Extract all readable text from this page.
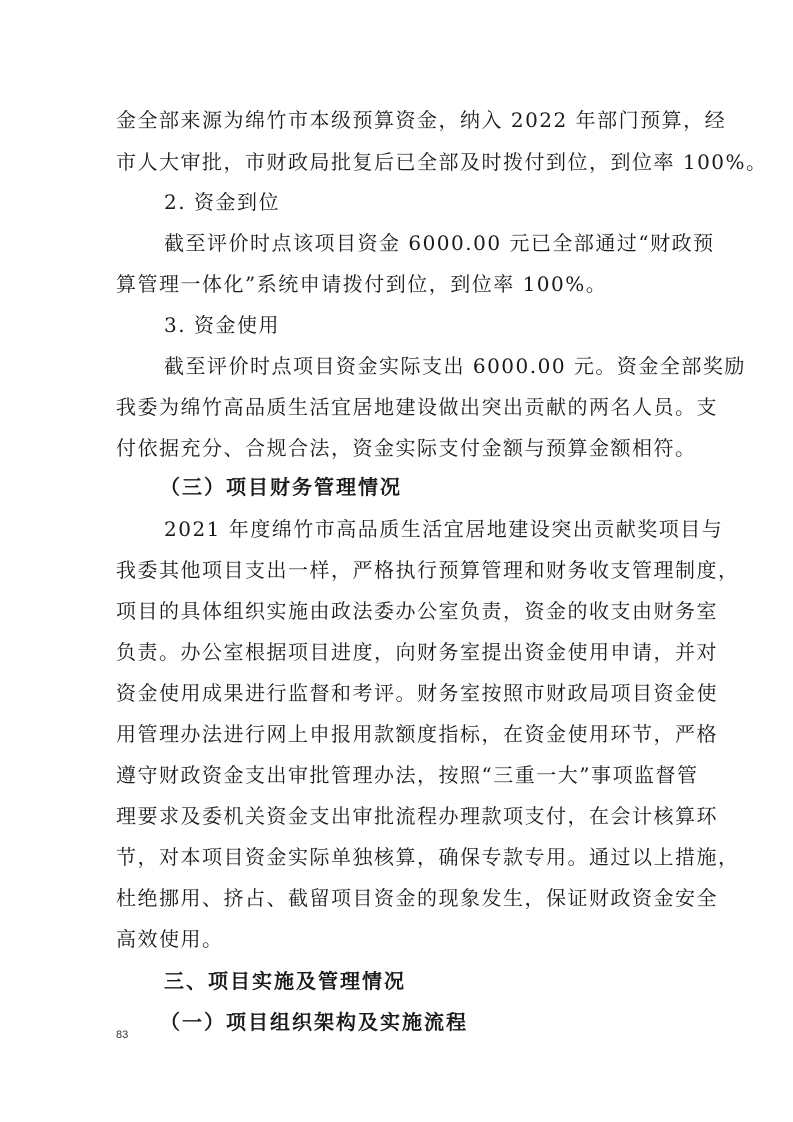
金全部来源为绵竹市本级预算资金，纳入 2022 年部门预算，经
市人大审批，市财政局批复后已全部及时拨付到位，到位率 100%。
2. 资金到位
截至评价时点该项目资金 6000.00 元已全部通过“财政预
算管理一体化”系统申请拨付到位，到位率 100%。
3. 资金使用
截至评价时点项目资金实际支出 6000.00 元。资金全部奖励
我委为绵竹高品质生活宜居地建设做出突出贡献的两名人员。支
付依据充分、合规合法，资金实际支付金额与预算金额相符。
（三）项目财务管理情况
2021 年度绵竹市高品质生活宜居地建设突出贡献奖项目与
我委其他项目支出一样，严格执行预算管理和财务收支管理制度，
项目的具体组织实施由政法委办公室负责，资金的收支由财务室
负责。办公室根据项目进度，向财务室提出资金使用申请，并对
资金使用成果进行监督和考评。财务室按照市财政局项目资金使
用管理办法进行网上申报用款额度指标，在资金使用环节，严格
遵守财政资金支出审批管理办法，按照“三重一大”事项监督管
理要求及委机关资金支出审批流程办理款项支付，在会计核算环
节，对本项目资金实际单独核算，确保专款专用。通过以上措施，
杜绝挪用、挤占、截留项目资金的现象发生，保证财政资金安全
高效使用。
三、项目实施及管理情况
（一）项目组织架构及实施流程
83
